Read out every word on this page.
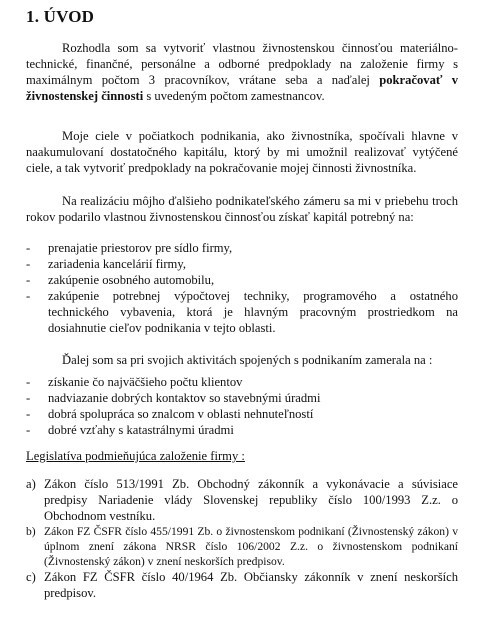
1. ÚVOD

Rozhodla som sa vytvoriť vlastnou živnostenskou činnosťou materiálno-technické, finančné, personálne a odborné predpoklady na založenie firmy s maximálnym počtom 3 pracovníkov, vrátane seba a naďalej pokračovať v živnostenskej činnosti s uvedeným počtom zamestnancov.

Moje ciele v počiatkoch podnikania, ako živnostníka, spočívali hlavne v naakumulovaní dostatočného kapitálu, ktorý by mi umožnil realizovať vytýčené ciele, a tak vytvoriť predpoklady na pokračovanie mojej činnosti živnostníka.

Na realizáciu môjho ďalšieho podnikateľského zámeru sa mi v priebehu troch rokov podarilo vlastnou živnostenskou činnosťou získať kapitál potrebný na:

- prenajatie priestorov pre sídlo firmy,
- zariadenia kancelárií firmy,
- zakúpenie osobného automobilu,
- zakúpenie potrebnej výpočtovej techniky, programového a ostatného technického vybavenia, ktorá je hlavným pracovným prostriedkom na dosiahnutie cieľov podnikania v tejto oblasti.

Ďalej som sa pri svojich aktivitách spojených s podnikaním zamerala na :

- získanie čo najväčšieho počtu klientov
- nadviazanie dobrých kontaktov so stavebnými úradmi
- dobrá spolupráca so znalcom v oblasti nehnuteľností
- dobré vzťahy s katastrálnymi úradmi

Legislatíva podmieňujúca založenie firmy :

a) Zákon číslo 513/1991 Zb. Obchodný zákonník a vykonávacie a súvisiace predpisy Nariadenie vlády Slovenskej republiky číslo 100/1993 Z.z. o Obchodnom vestníku.
b) Zákon FZ ČSFR číslo 455/1991 Zb. o živnostenskom podnikaní (Živnostenský zákon) v úplnom znení zákona NRSR číslo 106/2002 Z.z. o živnostenskom podnikaní (Živnostenský zákon) v znení neskorších predpisov.
c) Zákon FZ ČSFR číslo 40/1964 Zb. Občiansky zákonník v znení neskorších predpisov.
